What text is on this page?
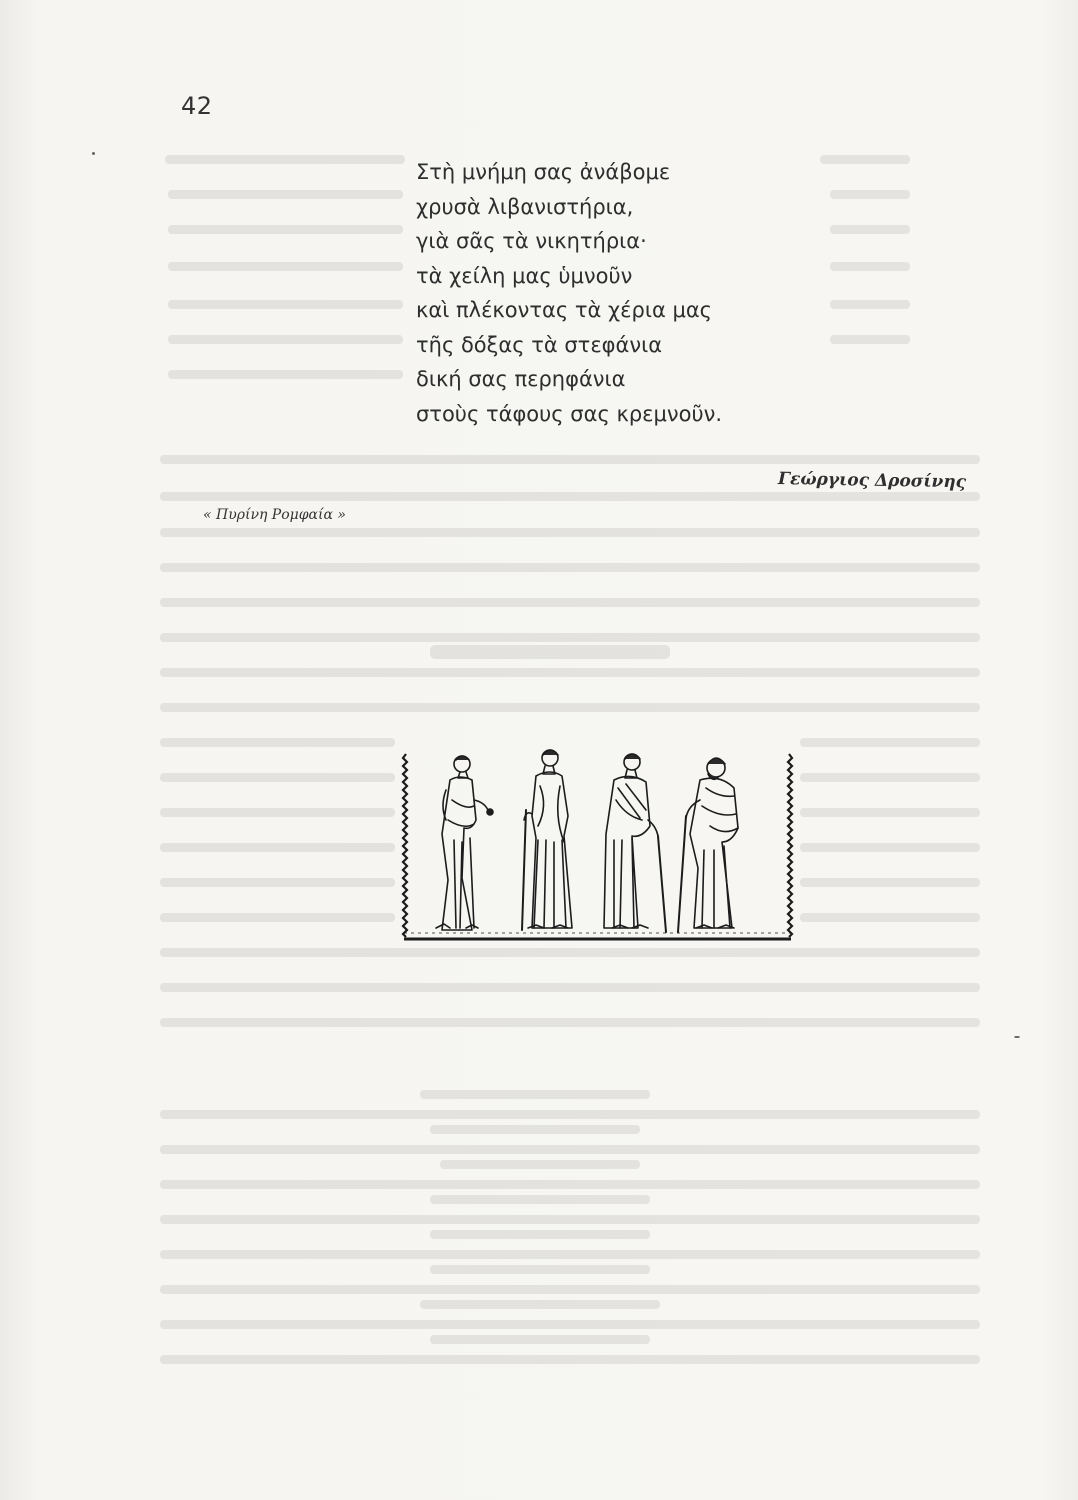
42
Στὴ μνήμη σας ἀνάβομε
χρυσὰ λιβανιστήρια,
γιὰ σᾶς τὰ νικητήρια·
τὰ χείλη μας ὑμνοῦν
καὶ πλέκοντας τὰ χέρια μας
τῆς δόξας τὰ στεφάνια
δική σας περηφάνια
στοὺς τάφους σας κρεμνοῦν.
Γεώργιος Δροσίνης
« Πυρίνη Ρομφαία »
